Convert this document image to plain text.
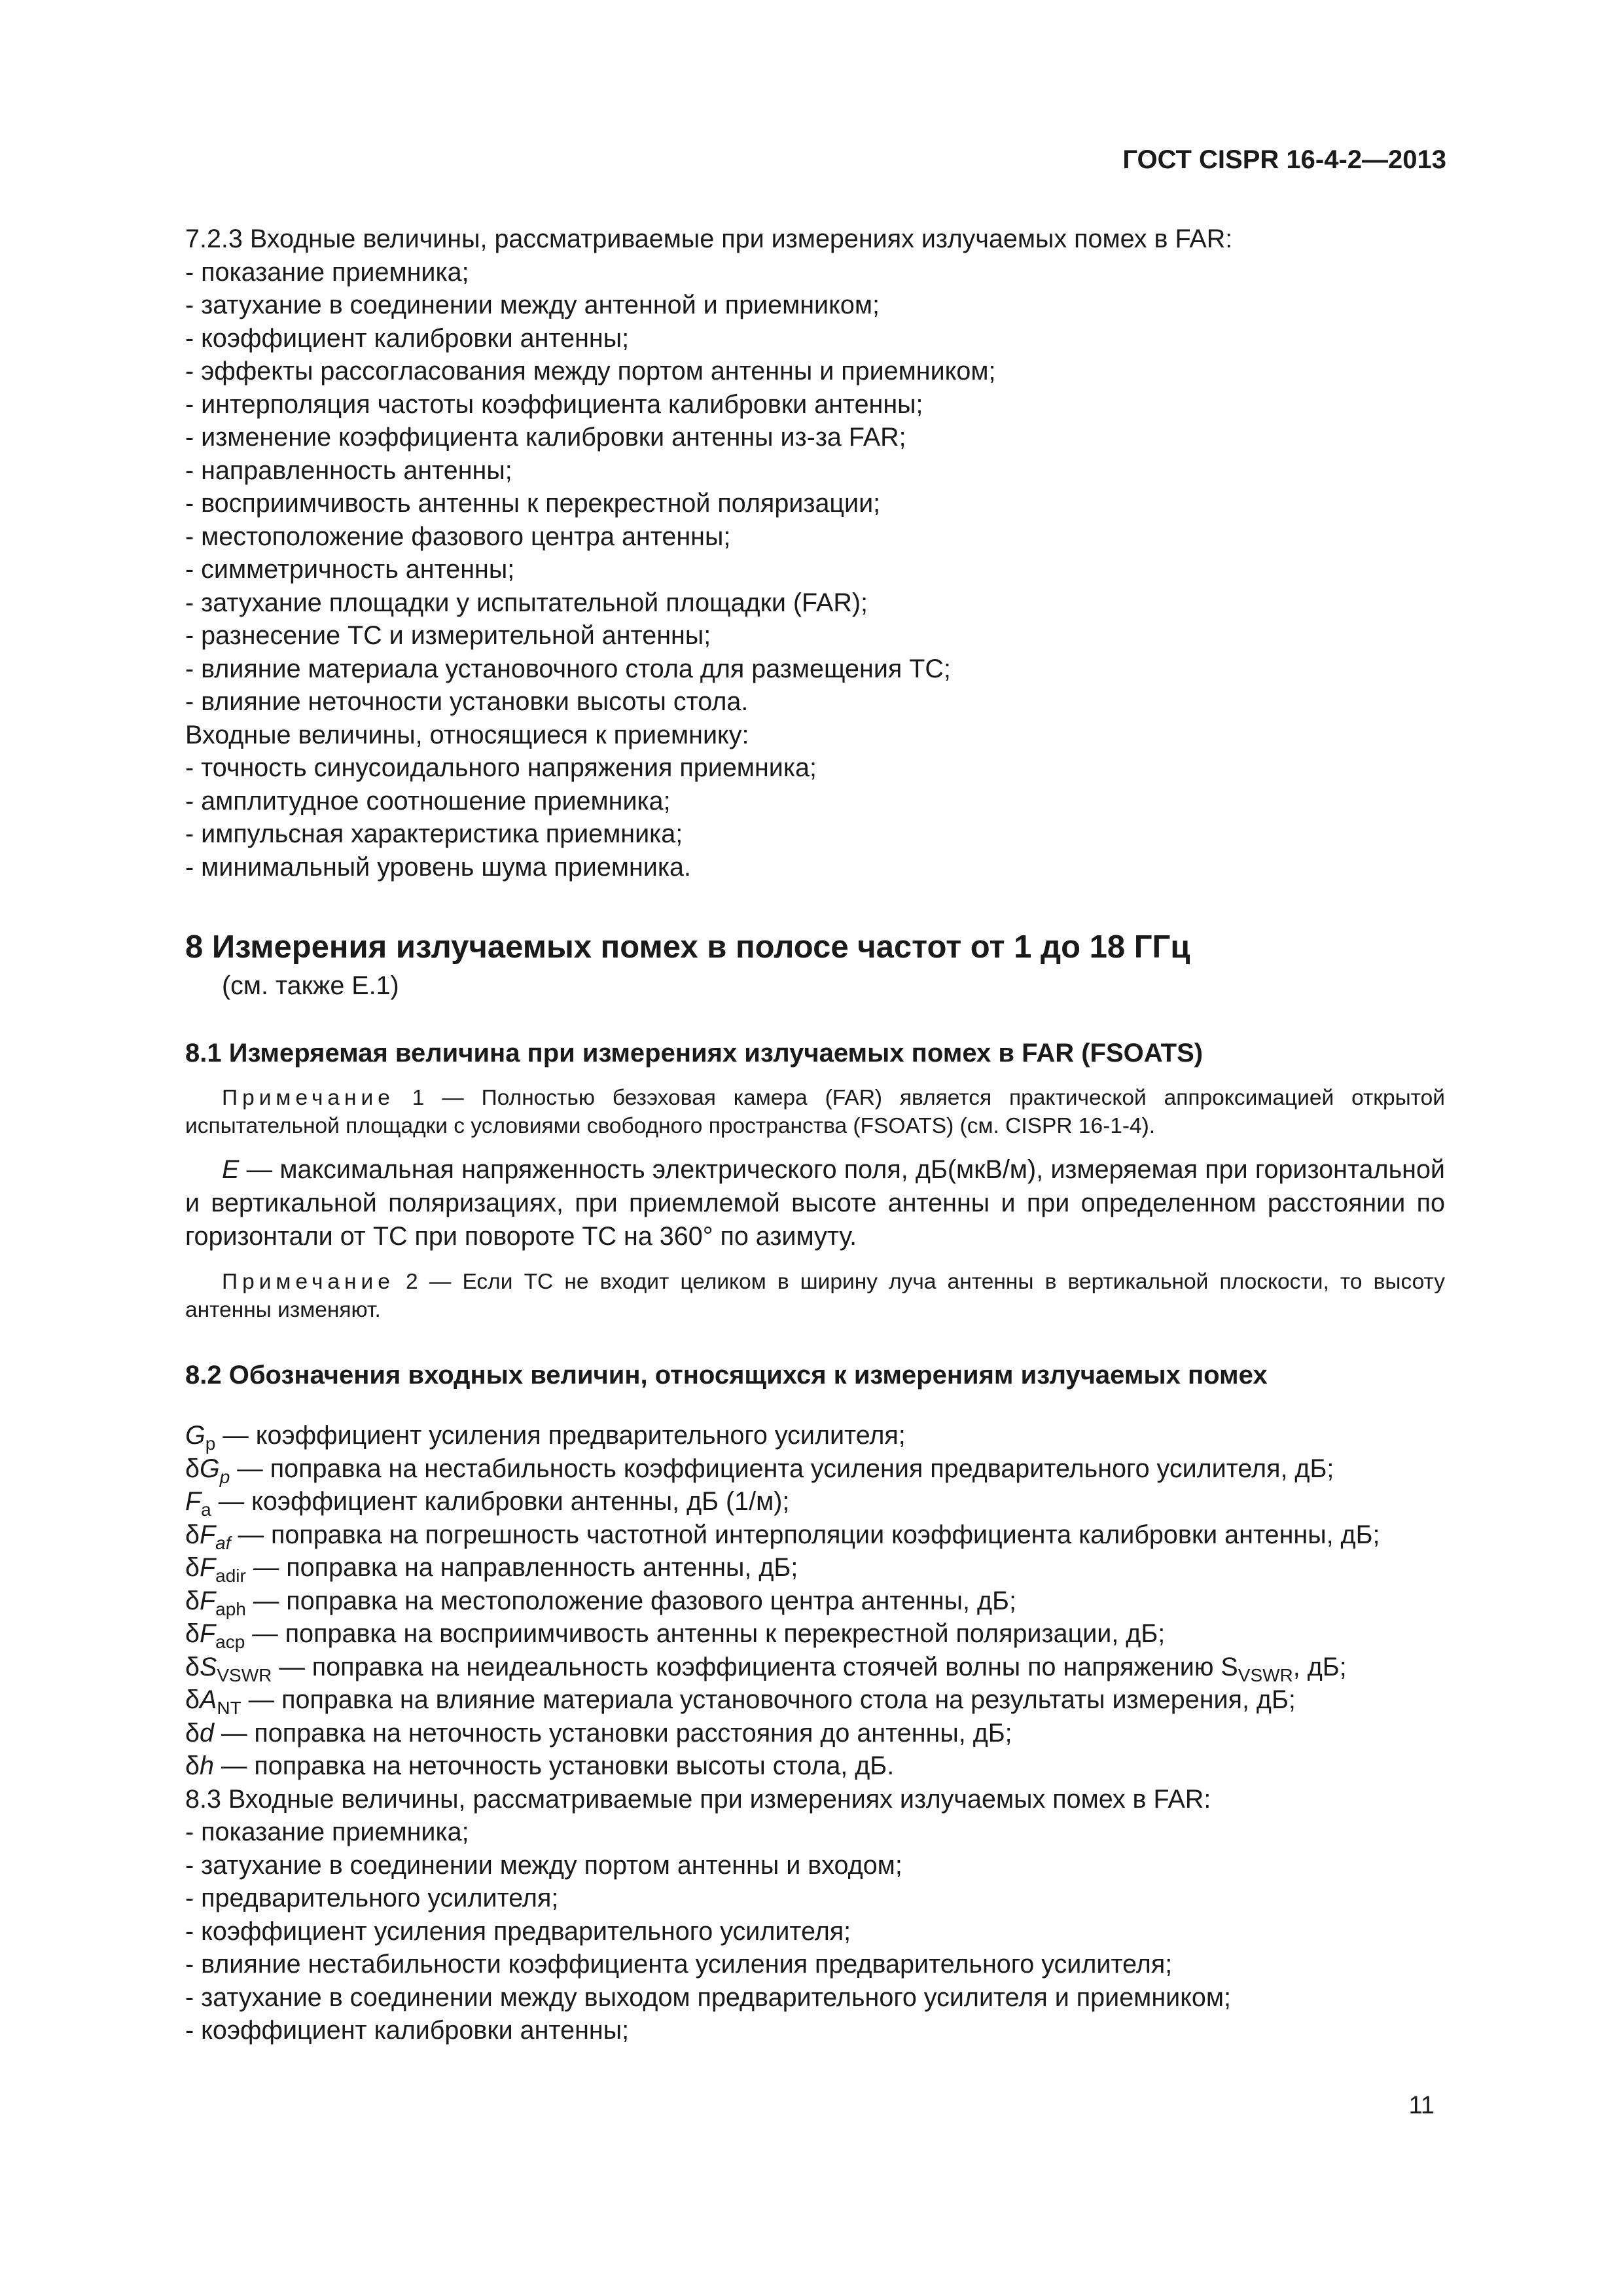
ГОСТ CISPR 16-4-2—2013

7.2.3 Входные величины, рассматриваемые при измерениях излучаемых помех в FAR:

- показание приемника;

- затухание в соединении между антенной и приемником;

- коэффициент калибровки антенны;

- эффекты рассогласования между портом антенны и приемником;

- интерполяция частоты коэффициента калибровки антенны;

- изменение коэффициента калибровки антенны из-за FAR;

- направленность антенны;

- восприимчивость антенны к перекрестной поляризации;

- местоположение фазового центра антенны;

- симметричность антенны;

- затухание площадки у испытательной площадки (FAR);

- разнесение ТС и измерительной антенны;

- влияние материала установочного стола для размещения ТС;

- влияние неточности установки высоты стола.

Входные величины, относящиеся к приемнику:

- точность синусоидального напряжения приемника;

- амплитудное соотношение приемника;

- импульсная характеристика приемника;

- минимальный уровень шума приемника.

8 Измерения излучаемых помех в полосе частот от 1 до 18 ГГц

(см. также Е.1)

8.1 Измеряемая величина при измерениях излучаемых помех в FAR (FSOATS)

Примечание 1 — Полностью безэховая камера (FAR) является практической аппроксимацией открытой испытательной площадки с условиями свободного пространства (FSOATS) (см. CISPR 16-1-4).

E — максимальная напряженность электрического поля, дБ(мкВ/м), измеряемая при горизонтальной и вертикальной поляризациях, при приемлемой высоте антенны и при определенном расстоянии по горизонтали от ТС при повороте ТС на 360° по азимуту.

Примечание 2 — Если ТС не входит целиком в ширину луча антенны в вертикальной плоскости, то высоту антенны изменяют.

8.2 Обозначения входных величин, относящихся к измерениям излучаемых помех

$G_p$ — коэффициент усиления предварительного усилителя;

$\delta G_p$ — поправка на нестабильность коэффициента усиления предварительного усилителя, дБ;

$F_a$ — коэффициент калибровки антенны, дБ (1/м);

$\delta F_{af}$ — поправка на погрешность частотной интерполяции коэффициента калибровки антенны, дБ;

$\delta F_{adir}$ — поправка на направленность антенны, дБ;

$\delta F_{aph}$ — поправка на местоположение фазового центра антенны, дБ;

$\delta F_{acp}$ — поправка на восприимчивость антенны к перекрестной поляризации, дБ;

$\delta S_{VSWR}$ — поправка на неидеальность коэффициента стоячей волны по напряжению $S_{VSWR}$, дБ;

$\delta A_{NT}$ — поправка на влияние материала установочного стола на результаты измерения, дБ;

δd — поправка на неточность установки расстояния до антенны, дБ;

δh — поправка на неточность установки высоты стола, дБ.

8.3 Входные величины, рассматриваемые при измерениях излучаемых помех в FAR:

- показание приемника;

- затухание в соединении между портом антенны и входом;

- предварительного усилителя;

- коэффициент усиления предварительного усилителя;

- влияние нестабильности коэффициента усиления предварительного усилителя;

- затухание в соединении между выходом предварительного усилителя и приемником;

- коэффициент калибровки антенны;

11
